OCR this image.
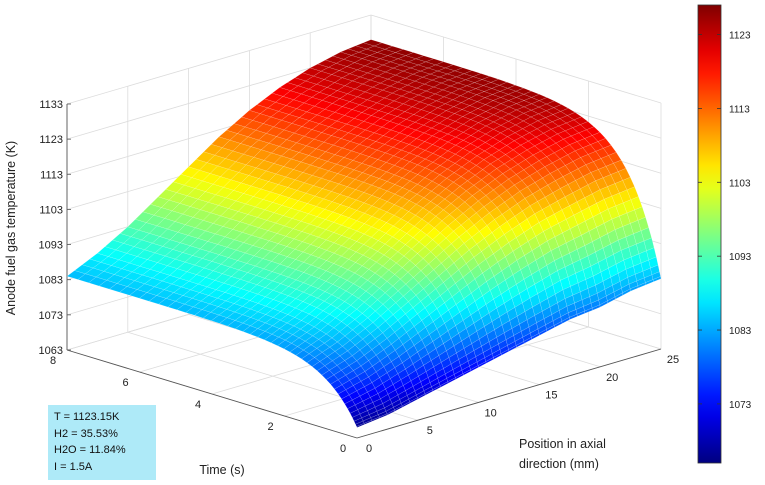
1063
1073
1083
1093
1103
1113
1123
1133
0
5
10
15
20
25
0
2
4
6
8
Anode fuel gas temperature (K)
Time (s)
Position in axial
direction (mm)
1073
1083
1093
1103
1113
1123
T = 1123.15K
H2 = 35.53%
H2O = 11.84%
I = 1.5A
